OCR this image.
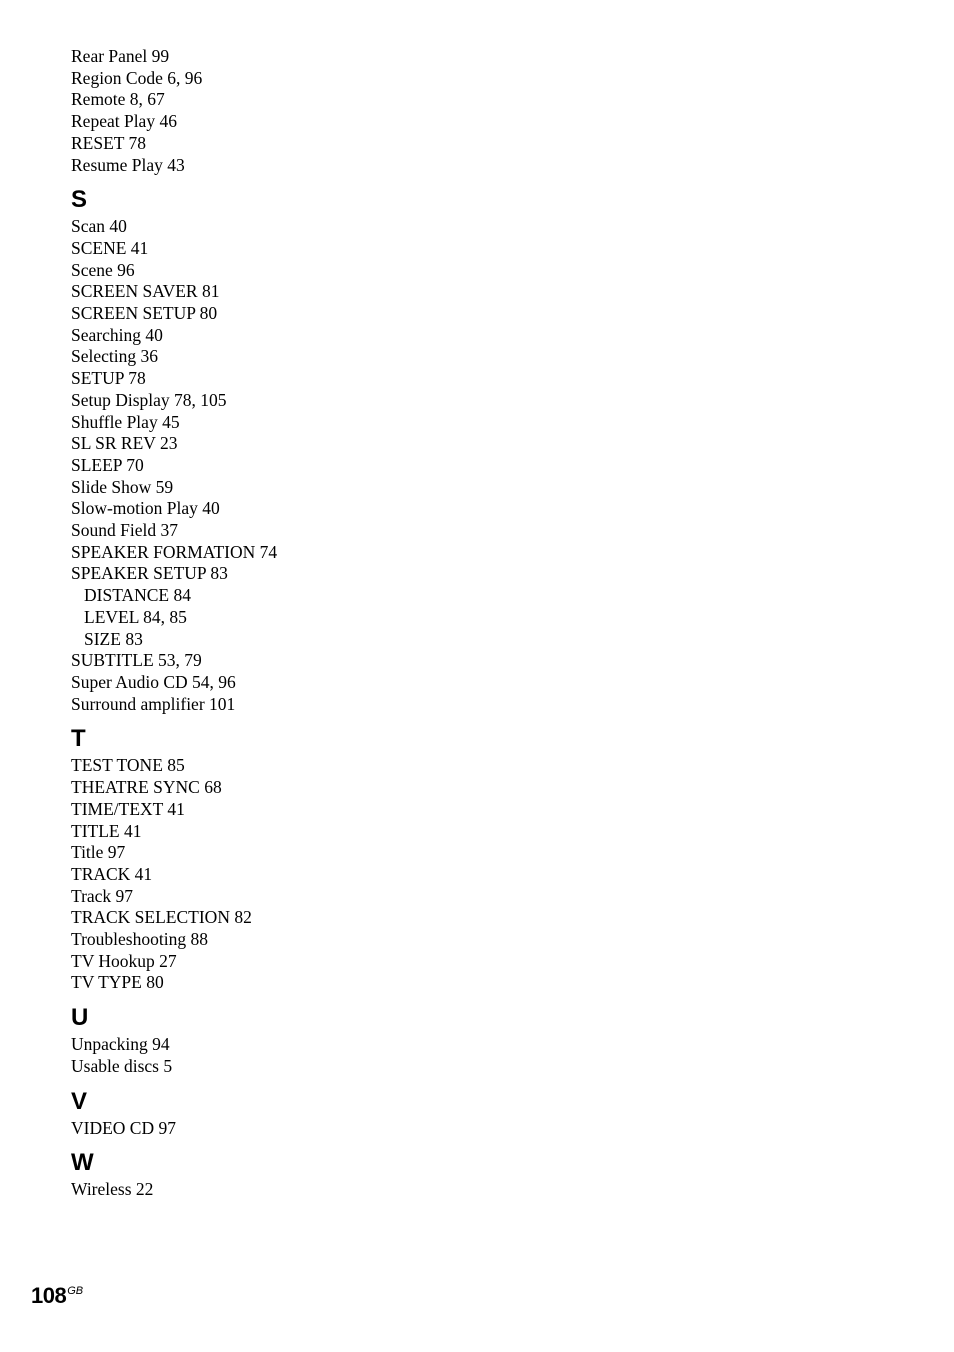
Rear Panel 99
Region Code 6, 96
Remote 8, 67
Repeat Play 46
RESET 78
Resume Play 43
S
Scan 40
SCENE 41
Scene 96
SCREEN SAVER 81
SCREEN SETUP 80
Searching 40
Selecting 36
SETUP 78
Setup Display 78, 105
Shuffle Play 45
SL SR REV 23
SLEEP 70
Slide Show 59
Slow-motion Play 40
Sound Field 37
SPEAKER FORMATION 74
SPEAKER SETUP 83
DISTANCE 84
LEVEL 84, 85
SIZE 83
SUBTITLE 53, 79
Super Audio CD 54, 96
Surround amplifier 101
T
TEST TONE 85
THEATRE SYNC 68
TIME/TEXT 41
TITLE 41
Title 97
TRACK 41
Track 97
TRACK SELECTION 82
Troubleshooting 88
TV Hookup 27
TV TYPE 80
U
Unpacking 94
Usable discs 5
V
VIDEO CD 97
W
Wireless 22
$108^{GB}$
